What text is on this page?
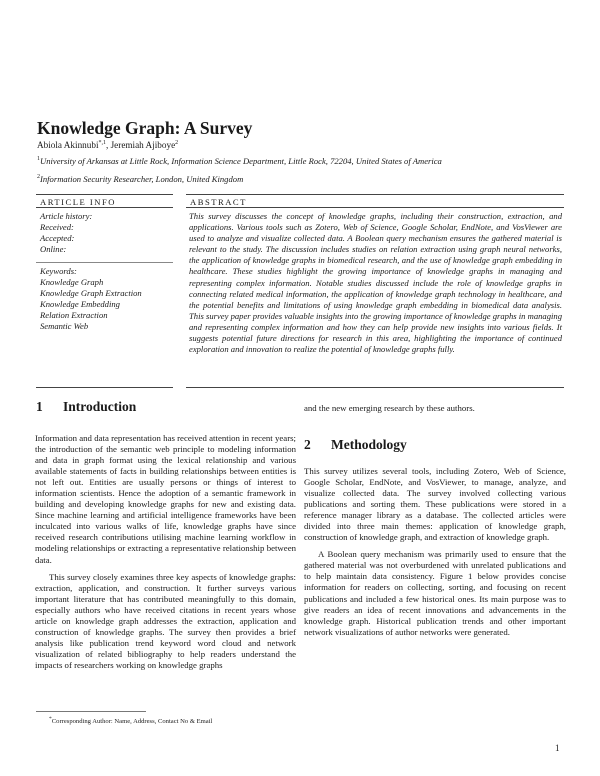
Knowledge Graph: A Survey
Abiola Akinnubi$^{*,1}$, Jeremiah Ajiboye$^2$
$^1$University of Arkansas at Little Rock, Information Science Department, Little Rock, 72204, United States of America
$^2$Information Security Researcher, London, United Kingdom
ARTICLE INFO	ABSTRACT
Article history:
Received:
Accepted:
Online:
Keywords:
Knowledge Graph
Knowledge Graph Extraction
Knowledge Embedding
Relation Extraction
Semantic Web
This survey discusses the concept of knowledge graphs, including their construction, extraction, and applications. Various tools such as Zotero, Web of Science, Google Scholar, EndNote, and VosViewer are used to analyze and visualize collected data. A Boolean query mechanism ensures the gathered material is relevant to the study. The discussion includes studies on relation extraction using graph neural networks, the application of knowledge graphs in biomedical research, and the use of knowledge graph embedding in healthcare. These studies highlight the growing importance of knowledge graphs in managing and representing complex information. Notable studies discussed include the role of knowledge graphs in connecting related medical information, the application of knowledge graph technology in healthcare, and the potential benefits and limitations of using knowledge graph embedding in biomedical data analysis. This survey paper provides valuable insights into the growing importance of knowledge graphs in managing and representing complex information and how they can help provide new insights into various fields. It suggests potential future directions for research in this area, highlighting the importance of continued exploration and innovation to realize the potential of knowledge graphs fully.
1 Introduction

Information and data representation has received attention in recent years; the introduction of the semantic web principle to modeling information and data in graph format using the lexical relationship and various available statements of facts in building relationships between entities is not left out. Entities are usually persons or things of interest to information scientists. Hence the adoption of a semantic framework in building and developing knowledge graphs for new and existing data. Since machine learning and artificial intelligence frameworks have been inculcated into various walks of life, knowledge graphs have since received research contributions utilising machine learning workflow in modeling relationships or extracting a representative relationship between data.

This survey closely examines three key aspects of knowledge graphs: extraction, application, and construction. It further surveys various important literature that has contributed meaningfully to this domain, especially authors who have received citations in recent years whose article on knowledge graph addresses the extraction, application and construction of knowledge graphs. The survey then provides a brief analysis like publication trend keyword word cloud and network visualization of related bibliography to help readers understand the impacts of researchers working on knowledge graphs

and the new emerging research by these authors.
2 Methodology

This survey utilizes several tools, including Zotero, Web of Science, Google Scholar, EndNote, and VosViewer, to manage, analyze, and visualize collected data. The survey involved collecting various publications and sorting them. These publications were stored in a reference manager library as a database. The collected articles were divided into three main themes: application of knowledge graph, construction of knowledge graph, and extraction of knowledge graph.

A Boolean query mechanism was primarily used to ensure that the gathered material was not overburdened with unrelated publications and to help maintain data consistency. Figure 1 below provides concise information for readers on collecting, sorting, and focusing on recent publications and included a few historical ones. Its main purpose was to give readers an idea of recent innovations and advancements in the knowledge graph. Historical publication trends and other important network visualizations of author networks were generated.

*Corresponding Author: Name, Address, Contact No & Email
1
